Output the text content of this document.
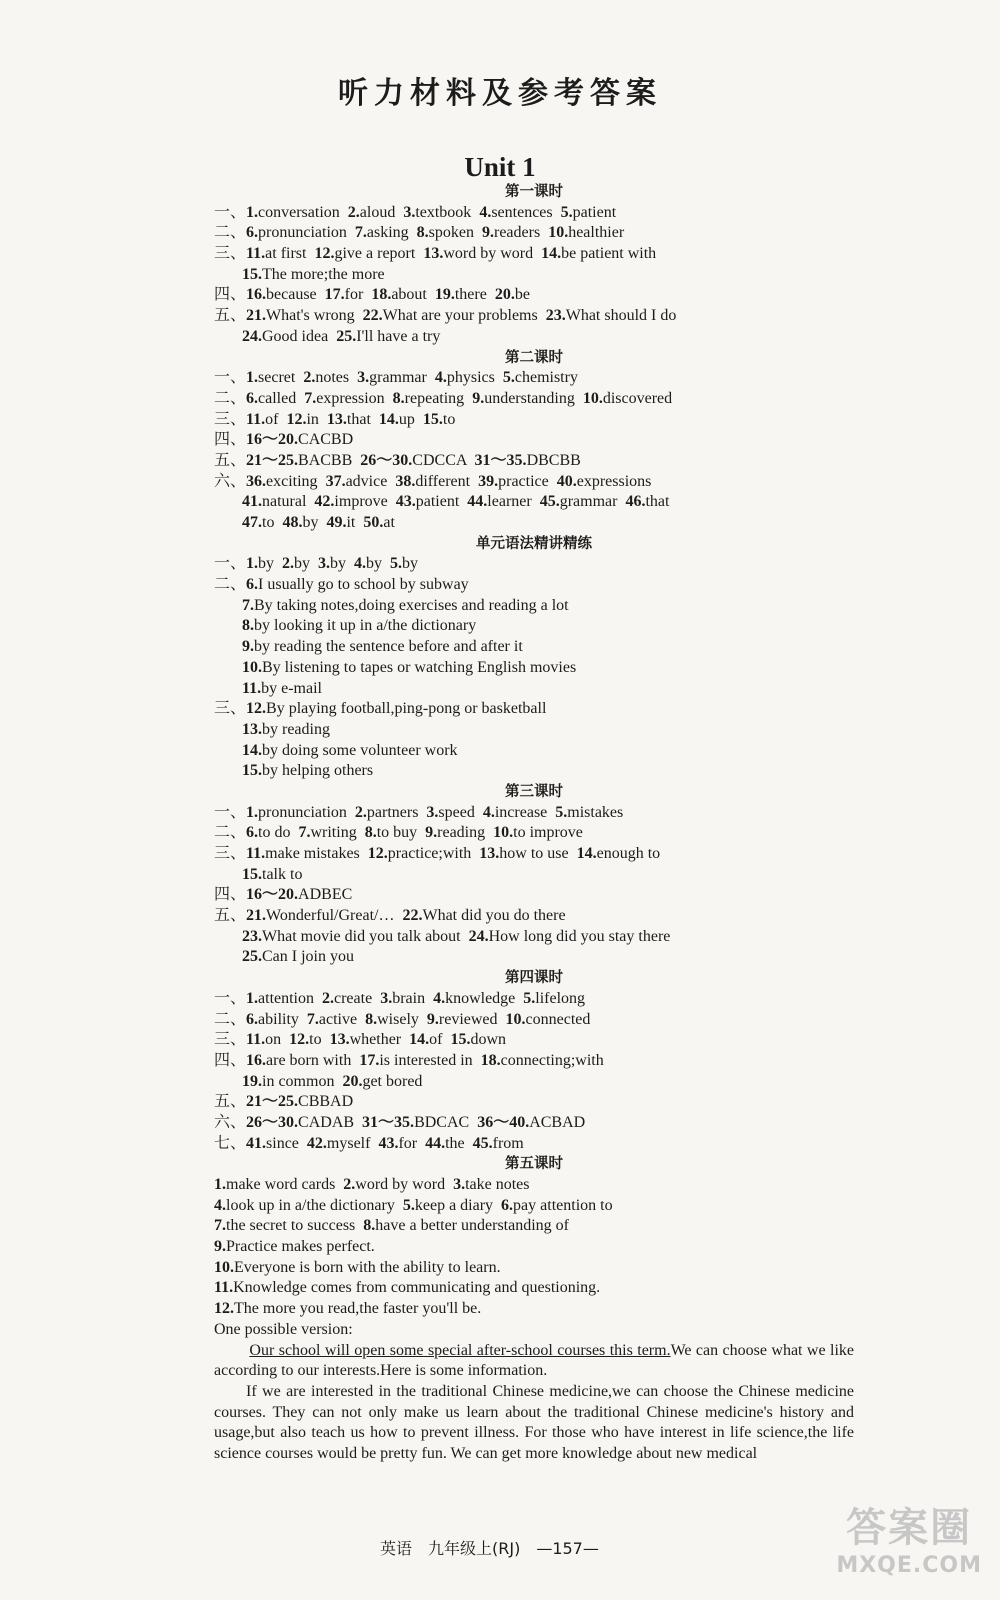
听力材料及参考答案
Unit 1
第一课时
一、1.conversation  2.aloud  3.textbook  4.sentences  5.patient
二、6.pronunciation  7.asking  8.spoken  9.readers  10.healthier
三、11.at first  12.give a report  13.word by word  14.be patient with
15.The more;the more
四、16.because  17.for  18.about  19.there  20.be
五、21.What's wrong  22.What are your problems  23.What should I do
24.Good idea  25.I'll have a try
第二课时
一、1.secret  2.notes  3.grammar  4.physics  5.chemistry
二、6.called  7.expression  8.repeating  9.understanding  10.discovered
三、11.of  12.in  13.that  14.up  15.to
四、16～20.CACBD
五、21～25.BACBB  26～30.CDCCA  31～35.DBCBB
六、36.exciting  37.advice  38.different  39.practice  40.expressions
41.natural  42.improve  43.patient  44.learner  45.grammar  46.that
47.to  48.by  49.it  50.at
单元语法精讲精练
一、1.by  2.by  3.by  4.by  5.by
二、6.I usually go to school by subway
7.By taking notes,doing exercises and reading a lot
8.by looking it up in a/the dictionary
9.by reading the sentence before and after it
10.By listening to tapes or watching English movies
11.by e-mail
三、12.By playing football,ping-pong or basketball
13.by reading
14.by doing some volunteer work
15.by helping others
第三课时
一、1.pronunciation  2.partners  3.speed  4.increase  5.mistakes
二、6.to do  7.writing  8.to buy  9.reading  10.to improve
三、11.make mistakes  12.practice;with  13.how to use  14.enough to
15.talk to
四、16～20.ADBEC
五、21.Wonderful/Great/…  22.What did you do there
23.What movie did you talk about  24.How long did you stay there
25.Can I join you
第四课时
一、1.attention  2.create  3.brain  4.knowledge  5.lifelong
二、6.ability  7.active  8.wisely  9.reviewed  10.connected
三、11.on  12.to  13.whether  14.of  15.down
四、16.are born with  17.is interested in  18.connecting;with
19.in common  20.get bored
五、21～25.CBBAD
六、26～30.CADAB  31～35.BDCAC  36～40.ACBAD
七、41.since  42.myself  43.for  44.the  45.from
第五课时
1.make word cards  2.word by word  3.take notes
4.look up in a/the dictionary  5.keep a diary  6.pay attention to
7.the secret to success  8.have a better understanding of
9.Practice makes perfect.
10.Everyone is born with the ability to learn.
11.Knowledge comes from communicating and questioning.
12.The more you read,the faster you'll be.
One possible version:

Our school will open some special after-school courses this term.We can choose what we like according to our interests.Here is some information.

If we are interested in the traditional Chinese medicine,we can choose the Chinese medicine courses. They can not only make us learn about the traditional Chinese medicine's history and usage,but also teach us how to prevent illness. For those who have interest in life science,the life science courses would be pretty fun. We can get more knowledge about new medical

英语　九年级上(RJ)　—157—	答案圈
MXQE.COM
